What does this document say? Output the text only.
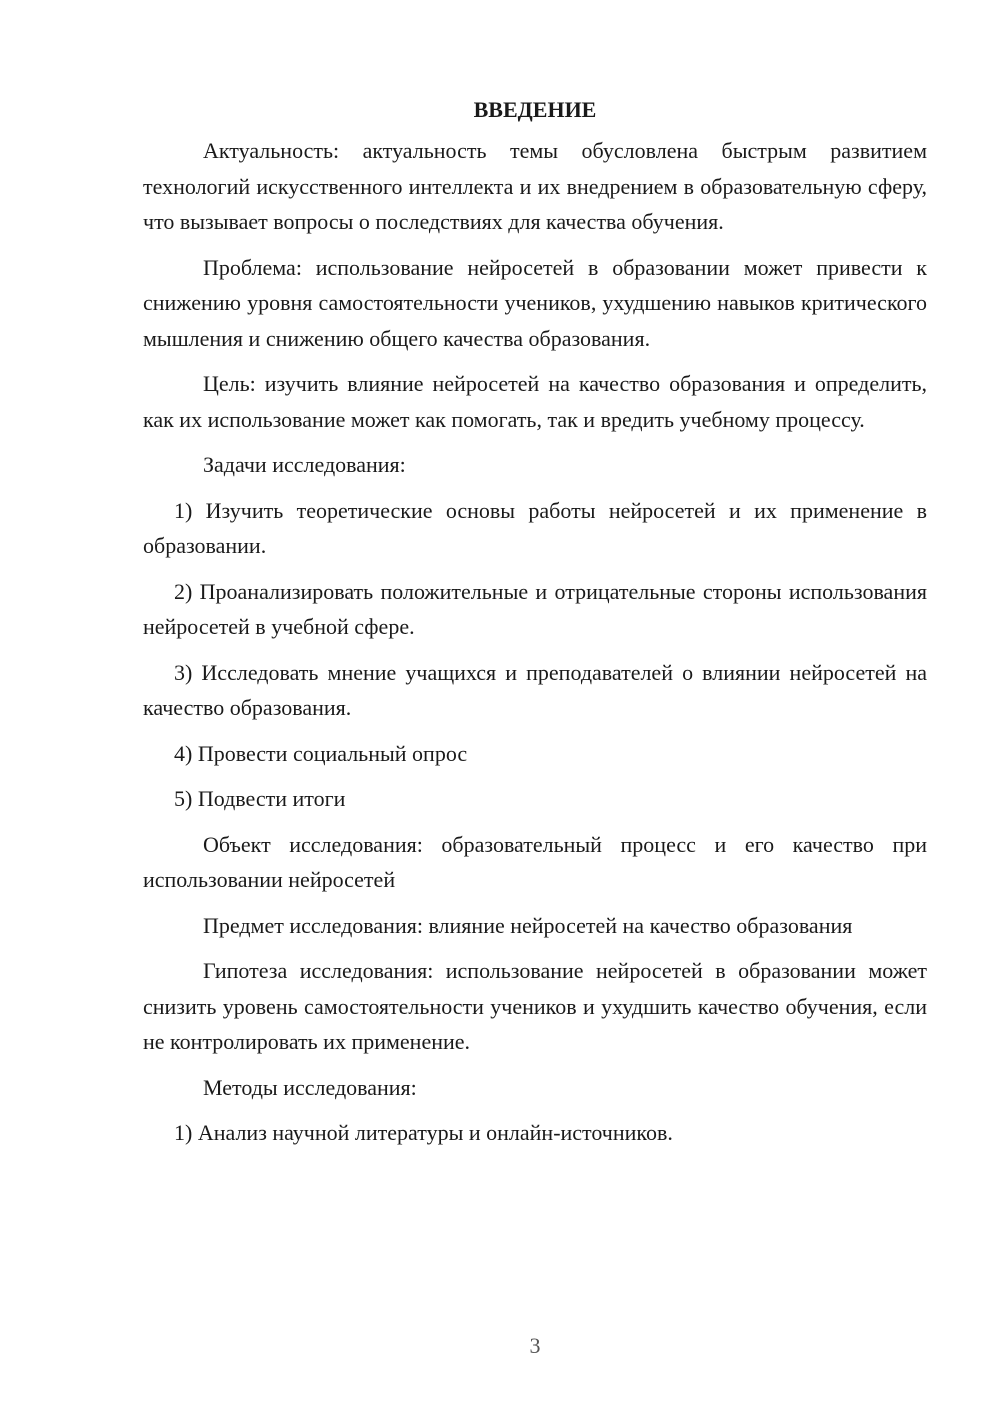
ВВЕДЕНИЕ

Актуальность: актуальность темы обусловлена быстрым развитием технологий искусственного интеллекта и их внедрением в образовательную сферу, что вызывает вопросы о последствиях для качества обучения.

Проблема: использование нейросетей в образовании может привести к снижению уровня самостоятельности учеников, ухудшению навыков критического мышления и снижению общего качества образования.

Цель: изучить влияние нейросетей на качество образования и определить, как их использование может как помогать, так и вредить учебному процессу.

Задачи исследования:

1) Изучить теоретические основы работы нейросетей и их применение в образовании.

2) Проанализировать положительные и отрицательные стороны использования нейросетей в учебной сфере.

3) Исследовать мнение учащихся и преподавателей о влиянии нейросетей на качество образования.

4) Провести социальный опрос

5) Подвести итоги

Объект исследования: образовательный процесс и его качество при использовании нейросетей

Предмет исследования: влияние нейросетей на качество образования

Гипотеза исследования: использование нейросетей в образовании может снизить уровень самостоятельности учеников и ухудшить качество обучения, если не контролировать их применение.

Методы исследования:

1) Анализ научной литературы и онлайн-источников.

3
